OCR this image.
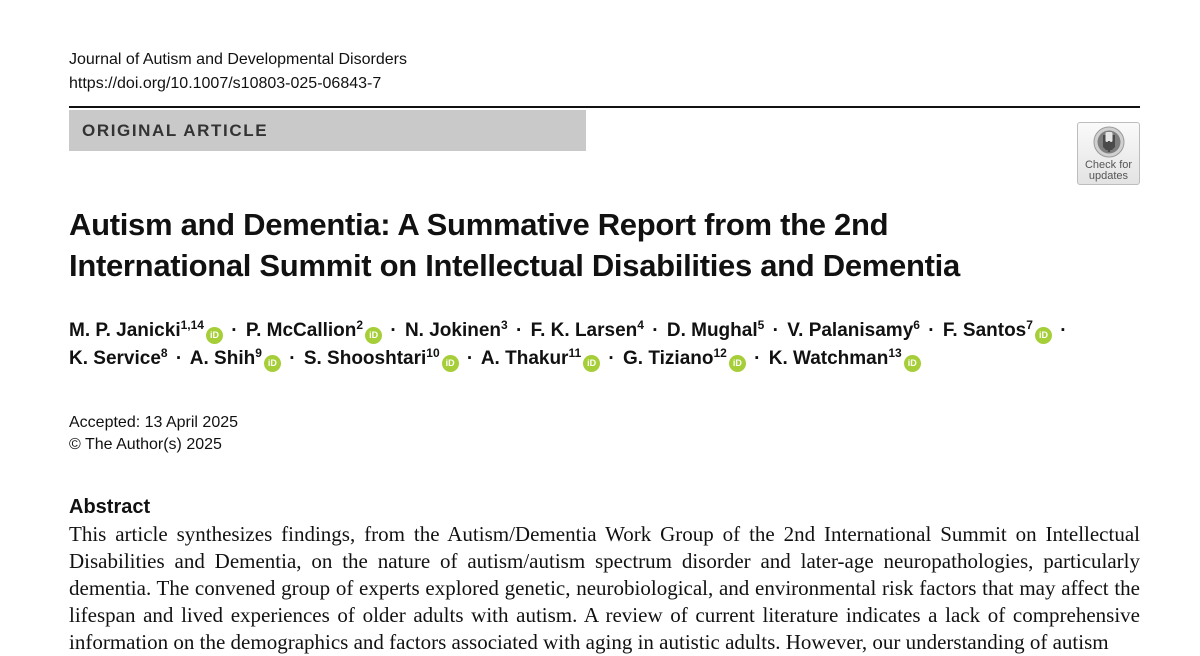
Journal of Autism and Developmental Disorders
https://doi.org/10.1007/s10803-025-06843-7
ORIGINAL ARTICLE
Check for
updates
Autism and Dementia: A Summative Report from the 2nd
International Summit on Intellectual Disabilities and Dementia
M. P. Janicki$^{1,14}$iD · P. McCallion$^2$iD · N. Jokinen$^3$ · F. K. Larsen$^4$ · D. Mughal$^5$ · V. Palanisamy$^6$ · F. Santos$^7$iD · K. Service$^8$ · A. Shih$^9$iD · S. Shooshtari$^{10}$iD · A. Thakur$^{11}$iD · G. Tiziano$^{12}$iD · K. Watchman$^{13}$iD
Accepted: 13 April 2025
© The Author(s) 2025
Abstract
This article synthesizes findings, from the Autism/Dementia Work Group of the 2nd International Summit on Intellectual Disabilities and Dementia, on the nature of autism/autism spectrum disorder and later-age neuropathologies, particularly dementia. The convened group of experts explored genetic, neurobiological, and environmental risk factors that may affect the lifespan and lived experiences of older adults with autism. A review of current literature indicates a lack of comprehensive information on the demographics and factors associated with aging in autistic adults. However, our understanding of autism
